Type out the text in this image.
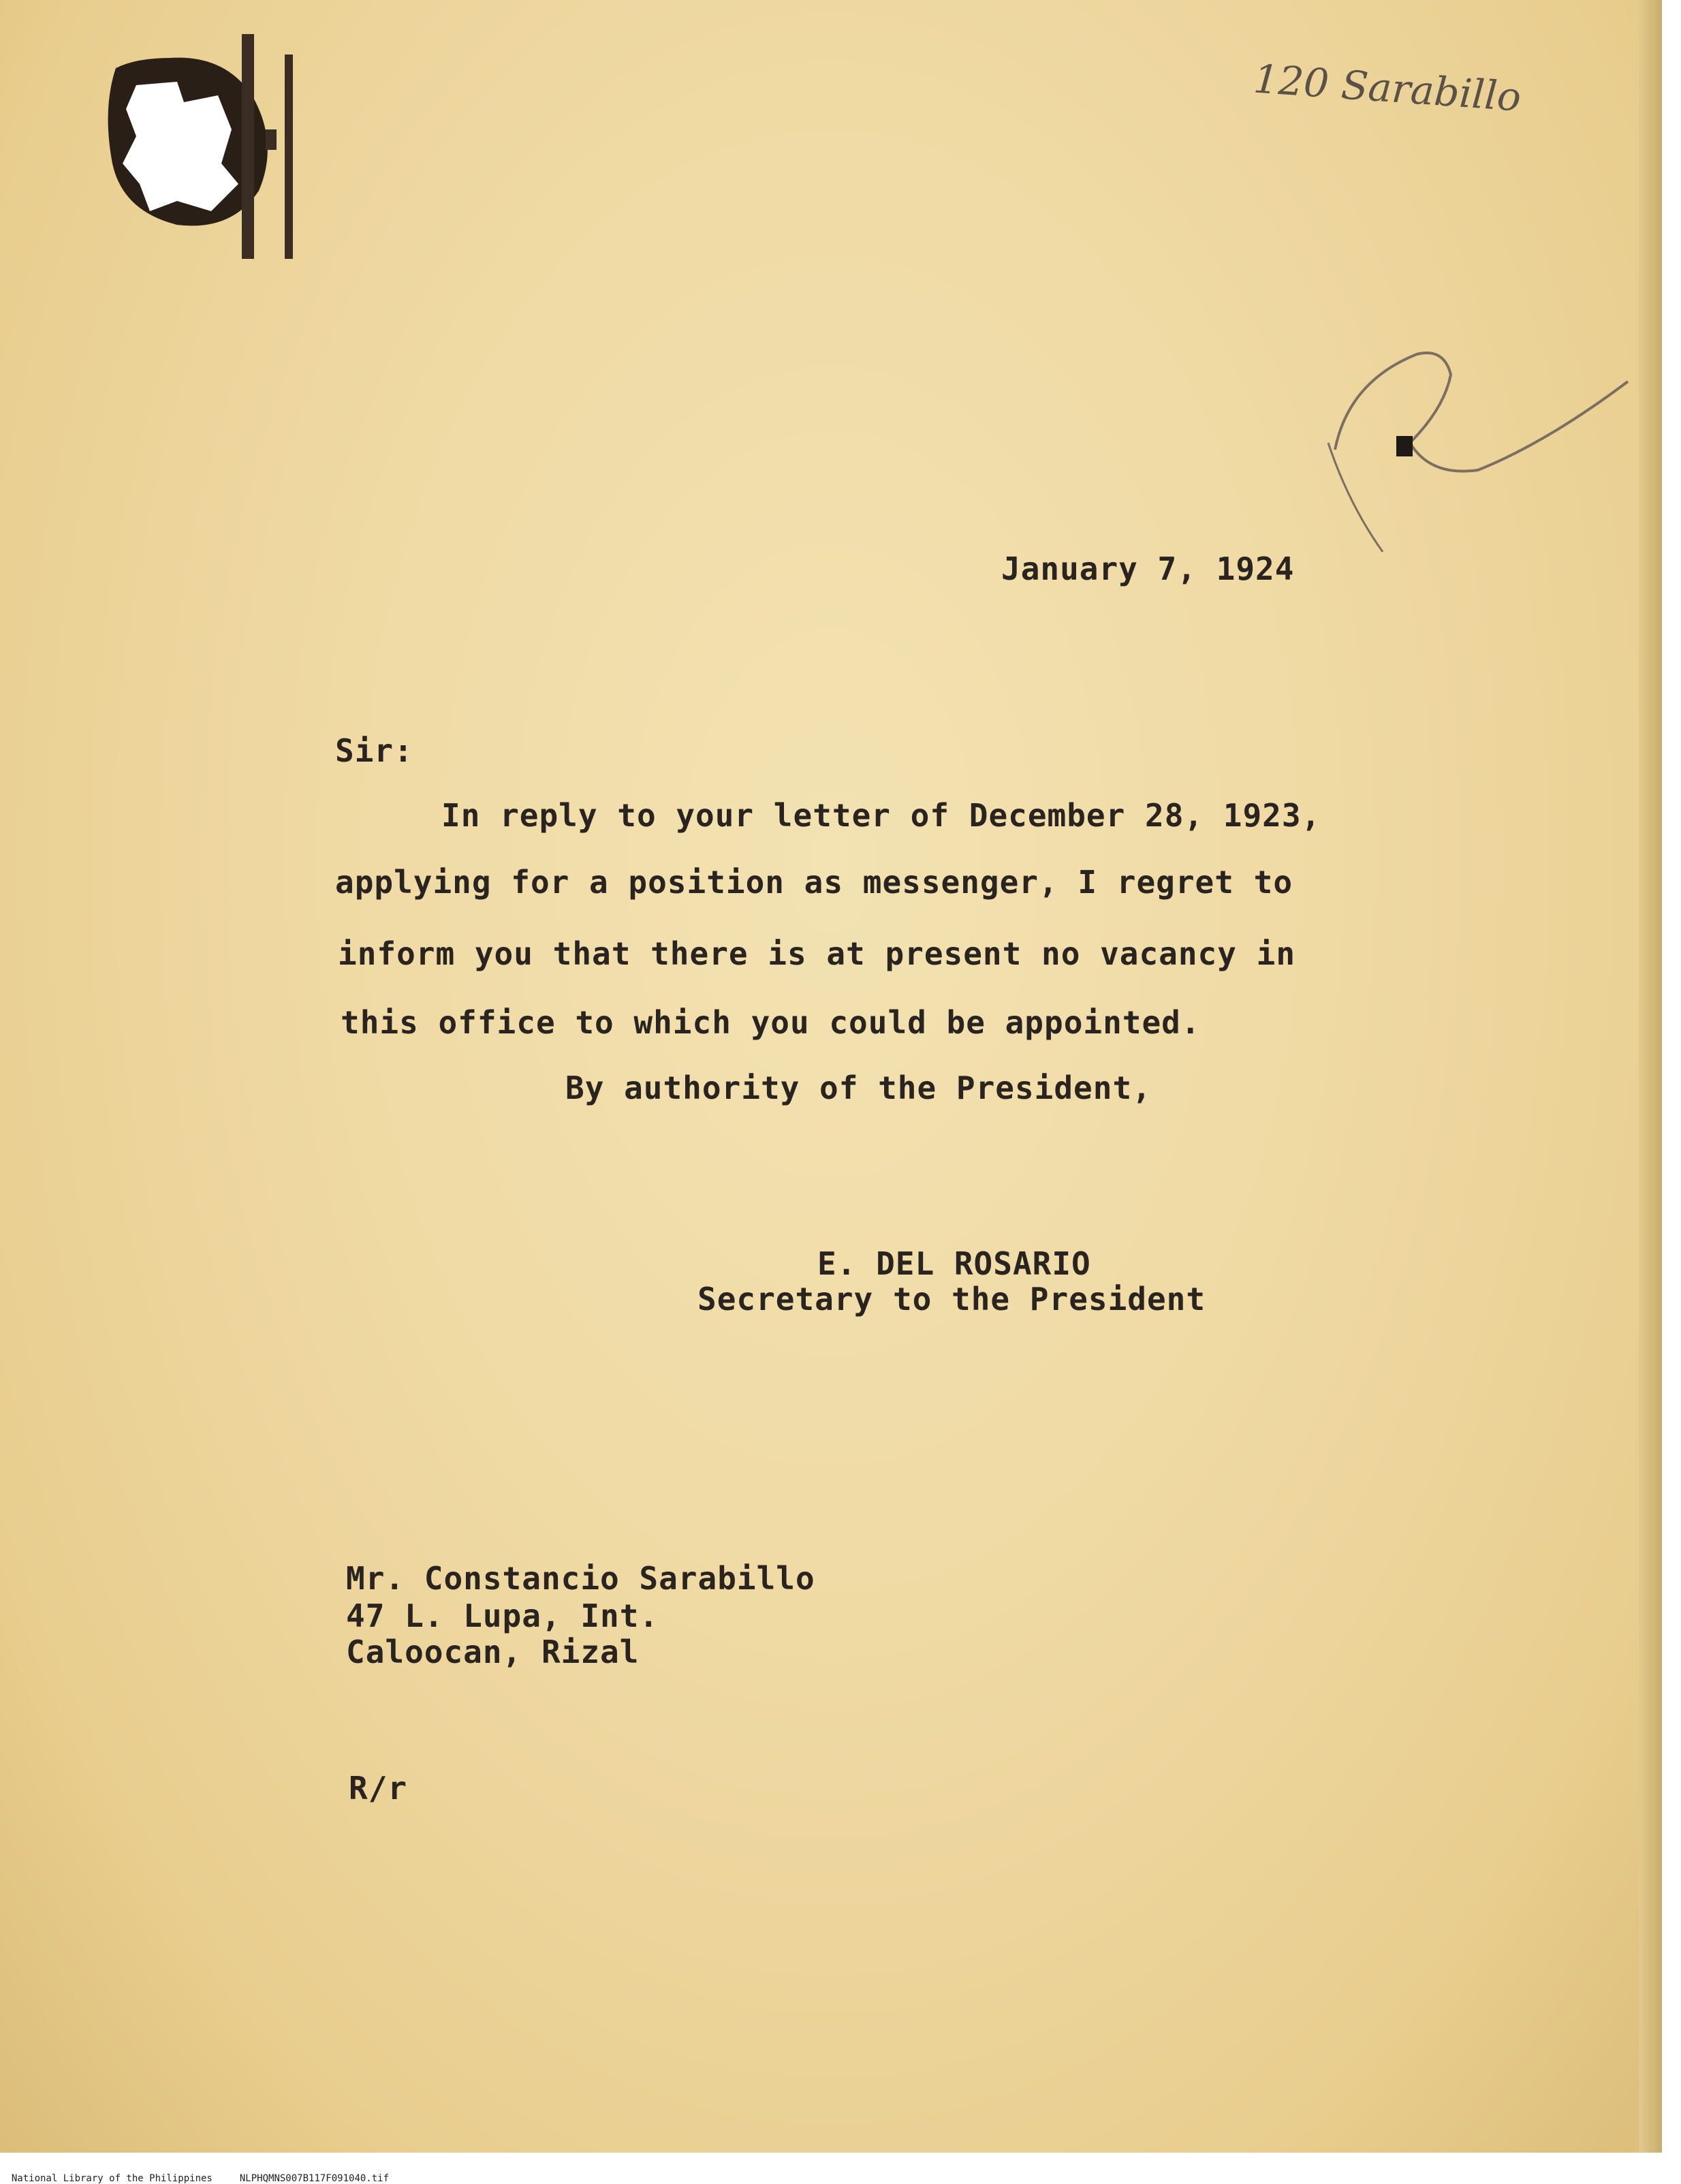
120 Sarabillo

January 7, 1924

Sir:

In reply to your letter of December 28, 1923,

applying for a position as messenger, I regret to

inform you that there is at present no vacancy in

this office to which you could be appointed.

By authority of the President,

E. DEL ROSARIO

Secretary to the President

Mr. Constancio Sarabillo

47 L. Lupa, Int.

Caloocan, Rizal

R/r

National Library of the Philippines	NLPHQMNS007B117F091040.tif
